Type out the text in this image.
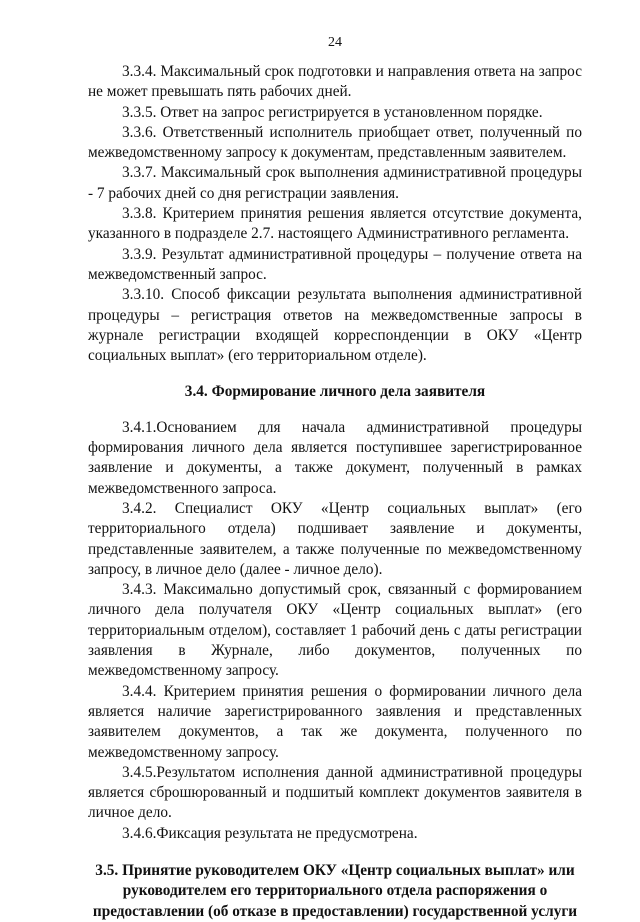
24

3.3.4. Максимальный срок подготовки и направления ответа на запрос не может превышать пять рабочих дней.

3.3.5. Ответ на запрос регистрируется в установленном порядке.

3.3.6. Ответственный исполнитель приобщает ответ, полученный по межведомственному запросу к документам, представленным заявителем.

3.3.7. Максимальный срок выполнения административной процедуры - 7 рабочих дней со дня регистрации заявления.

3.3.8. Критерием принятия решения является отсутствие документа, указанного в подразделе 2.7. настоящего Административного регламента.

3.3.9. Результат административной процедуры – получение ответа на межведомственный запрос.

3.3.10. Способ фиксации результата выполнения административной процедуры – регистрация ответов на межведомственные запросы в журнале регистрации входящей корреспонденции в ОКУ «Центр социальных выплат» (его территориальном отделе).

3.4. Формирование личного дела заявителя

3.4.1.Основанием для начала административной процедуры формирования личного дела является поступившее зарегистрированное заявление и документы, а также документ, полученный в рамках межведомственного запроса.

3.4.2. Специалист ОКУ «Центр социальных выплат» (его территориального отдела) подшивает заявление и документы, представленные заявителем, а также полученные по межведомственному запросу, в личное дело (далее - личное дело).

3.4.3. Максимально допустимый срок, связанный с формированием личного дела получателя ОКУ «Центр социальных выплат» (его территориальным отделом), составляет 1 рабочий день с даты регистрации заявления в Журнале, либо документов, полученных по межведомственному запросу.

3.4.4. Критерием принятия решения о формировании личного дела является наличие зарегистрированного заявления и представленных заявителем документов, а так же документа, полученного по межведомственному запросу.

3.4.5.Результатом исполнения данной административной процедуры является сброшюрованный и подшитый комплект документов заявителя в личное дело.

3.4.6.Фиксация результата не предусмотрена.

3.5. Принятие руководителем ОКУ «Центр социальных выплат» или руководителем его территориального отдела распоряжения о предоставлении (об отказе в предоставлении) государственной услуги
